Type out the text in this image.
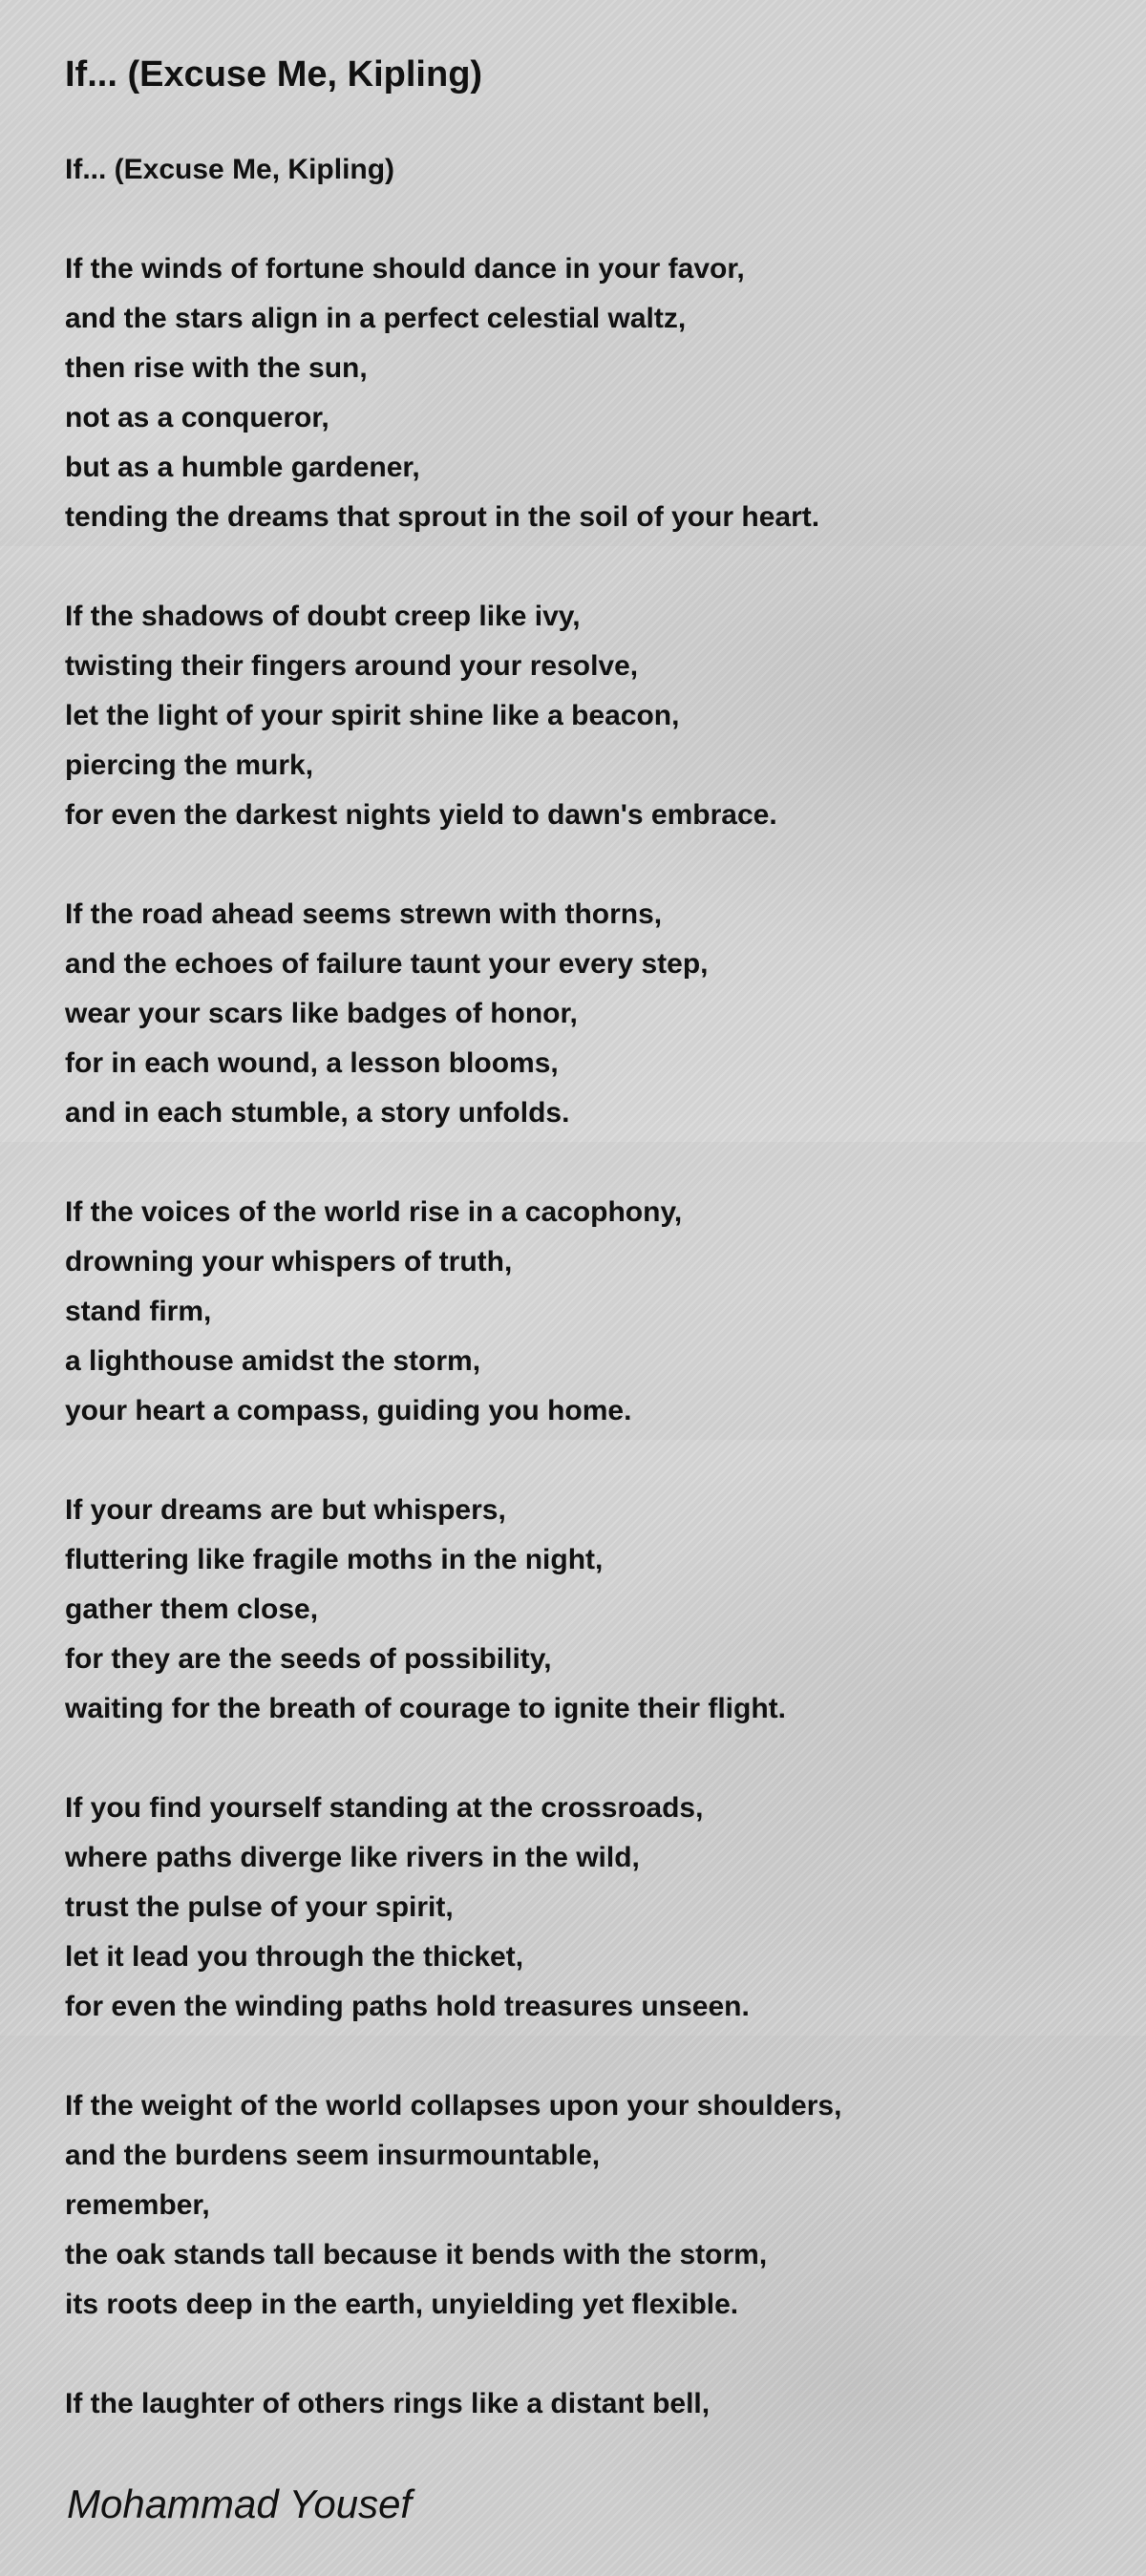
If... (Excuse Me, Kipling)
If... (Excuse Me, Kipling)
If the winds of fortune should dance in your favor,
and the stars align in a perfect celestial waltz,
then rise with the sun,
not as a conqueror,
but as a humble gardener,
tending the dreams that sprout in the soil of your heart.
If the shadows of doubt creep like ivy,
twisting their fingers around your resolve,
let the light of your spirit shine like a beacon,
piercing the murk,
for even the darkest nights yield to dawn's embrace.
If the road ahead seems strewn with thorns,
and the echoes of failure taunt your every step,
wear your scars like badges of honor,
for in each wound, a lesson blooms,
and in each stumble, a story unfolds.
If the voices of the world rise in a cacophony,
drowning your whispers of truth,
stand firm,
a lighthouse amidst the storm,
your heart a compass, guiding you home.
If your dreams are but whispers,
fluttering like fragile moths in the night,
gather them close,
for they are the seeds of possibility,
waiting for the breath of courage to ignite their flight.
If you find yourself standing at the crossroads,
where paths diverge like rivers in the wild,
trust the pulse of your spirit,
let it lead you through the thicket,
for even the winding paths hold treasures unseen.
If the weight of the world collapses upon your shoulders,
and the burdens seem insurmountable,
remember,
the oak stands tall because it bends with the storm,
its roots deep in the earth, unyielding yet flexible.
If the laughter of others rings like a distant bell,
Mohammad Yousef
